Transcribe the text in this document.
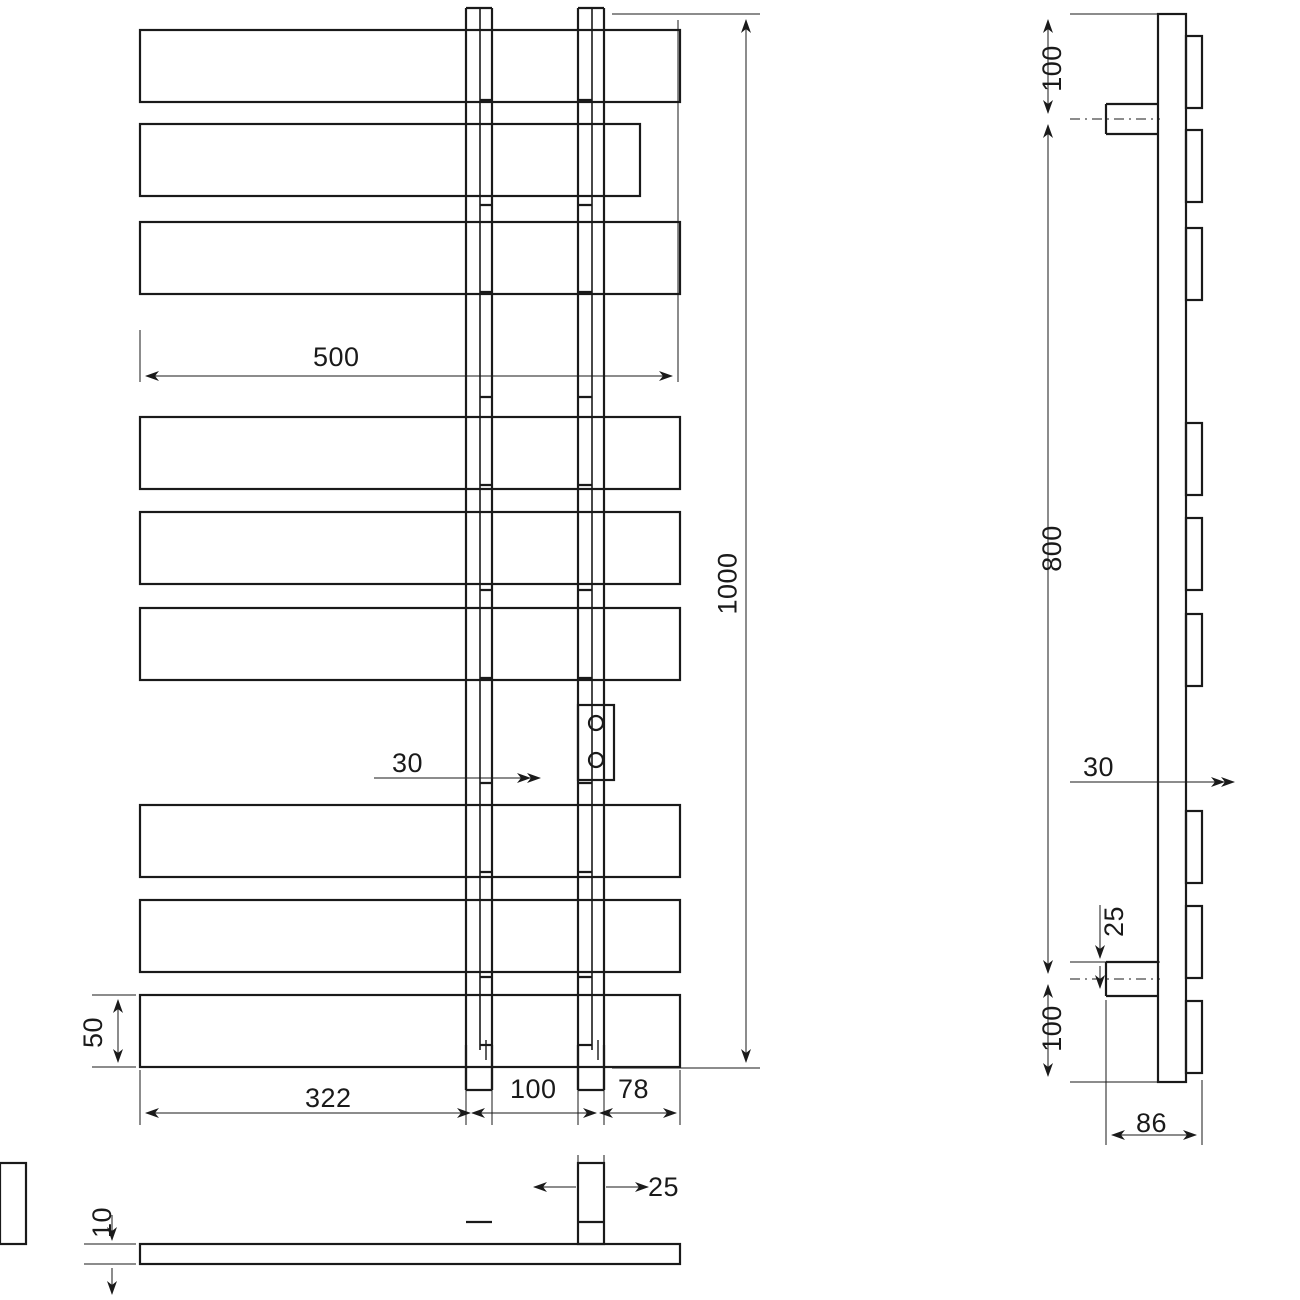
500
1000
30
50
322	100 78
100
800
30
25
100
86
10
25
